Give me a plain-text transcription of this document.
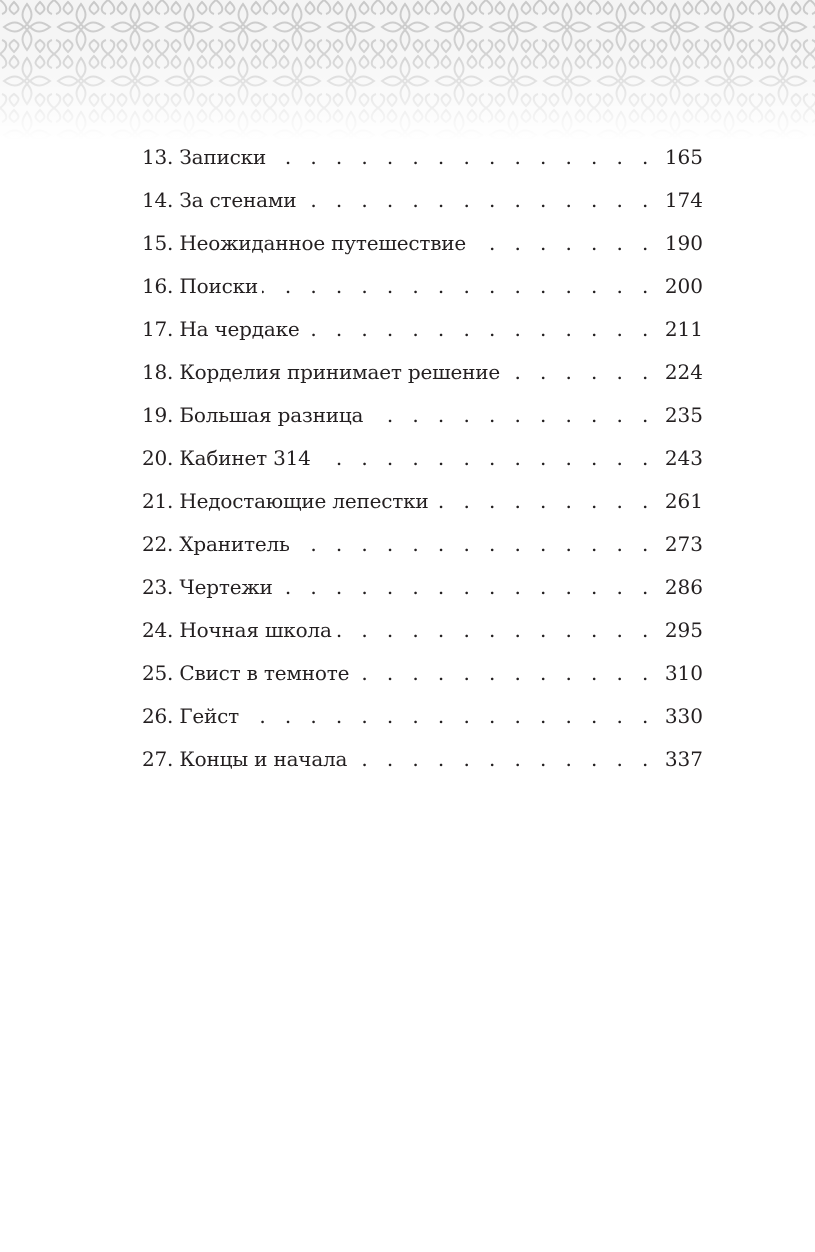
13. Записки . . .	165
14. За стенами . . .	174
15. Неожиданное путешествие . . .	190
16. Поиски . . .	200
17. На чердаке . . .	211
18. Корделия принимает решение . . .	224
19. Большая разница . . .	235
20. Кабинет 314 . . .	243
21. Недостающие лепестки . . .	261
22. Хранитель . . .	273
23. Чертежи . . .	286
24. Ночная школа . . .	295
25. Свист в темноте . . .	310
26. Гейст . . .	330
27. Концы и начала . . .	337
